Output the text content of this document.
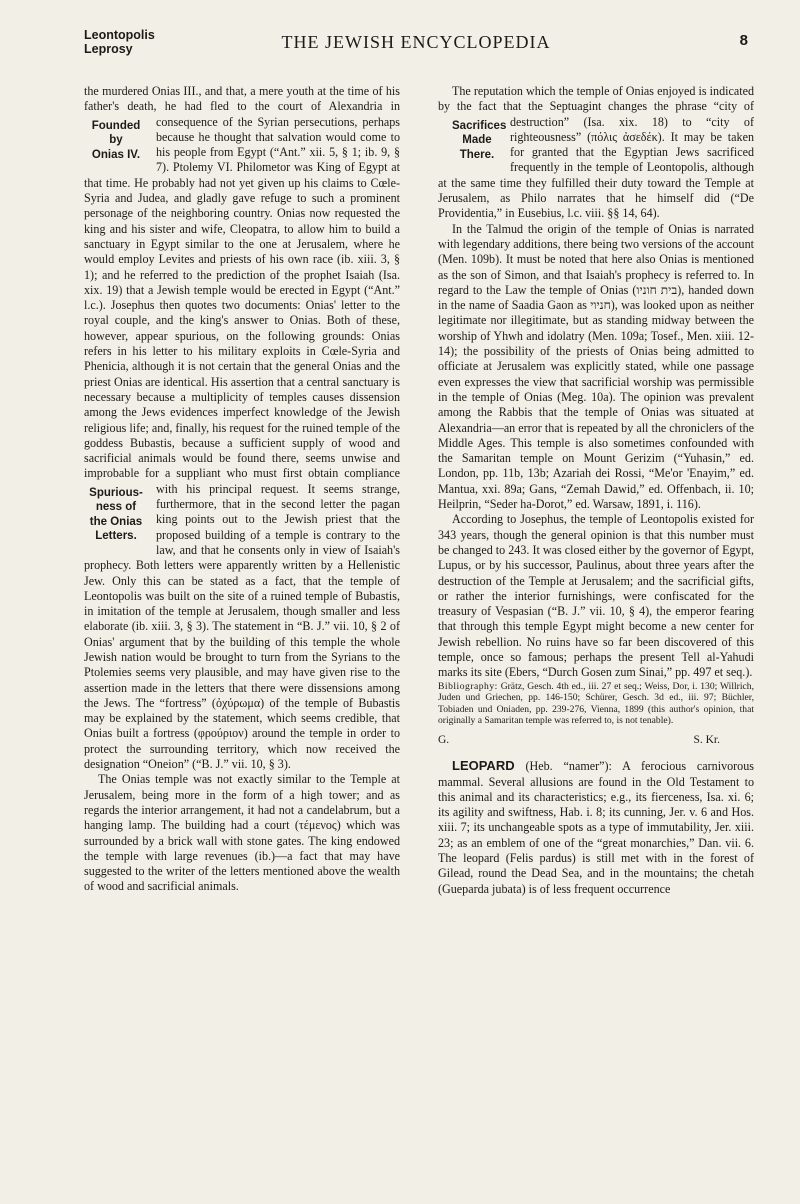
Leontopolis
Leprosy	THE JEWISH ENCYCLOPEDIA	8

the murdered Onias III., and that, a mere youth at the time of his father's death, he had fled to the court of Alexandria in consequence
Founded
by
Onias IV.
of the Syrian persecutions, perhaps because he thought that salvation would come to his people from Egypt (“Ant.” xii. 5, § 1; ib. 9, § 7). Ptolemy VI. Philometor was King of Egypt at that time. He probably had not yet given up his claims to Cœle-Syria and Judea, and gladly gave refuge to such a prominent personage of the neighboring country. Onias now requested the king and his sister and wife, Cleopatra, to allow him to build a sanctuary in Egypt similar to the one at Jerusalem, where he would employ Levites and priests of his own race (ib. xiii. 3, § 1); and he referred to the prediction of the prophet Isaiah (Isa. xix. 19) that a Jewish temple would be erected in Egypt (“Ant.” l.c.). Josephus then quotes two documents: Onias' letter to the royal couple, and the king's answer to Onias. Both of these, however, appear spurious, on the following grounds: Onias refers in his letter to his military exploits in Cœle-Syria and Phenicia, although it is not certain that the general Onias and the priest Onias are identical. His assertion that a central sanctuary is necessary because a multiplicity of temples causes dissension among the Jews evidences imperfect knowledge of the Jewish religious life; and, finally, his request for the ruined temple of the goddess Bubastis, because a sufficient supply of wood and sacrificial animals would be found there, seems unwise and improbable for a suppliant who must first obtain compliance with his principal request.
Spurious-
ness of
the Onias
Letters.
It seems strange, furthermore, that in the second letter the pagan king points out to the Jewish priest that the proposed building of a temple is contrary to the law, and that he consents only in view of Isaiah's prophecy. Both letters were apparently written by a Hellenistic Jew. Only this can be stated as a fact, that the temple of Leontopolis was built on the site of a ruined temple of Bubastis, in imitation of the temple at Jerusalem, though smaller and less elaborate (ib. xiii. 3, § 3). The statement in “B. J.” vii. 10, § 2 of Onias' argument that by the building of this temple the whole Jewish nation would be brought to turn from the Syrians to the Ptolemies seems very plausible, and may have given rise to the assertion made in the letters that there were dissensions among the Jews. The “fortress” (ὀχύρωμα) of the temple of Bubastis may be explained by the statement, which seems credible, that Onias built a fortress (φρούριον) around the temple in order to protect the surrounding territory, which now received the designation “Oneion” (“B. J.” vii. 10, § 3).

The Onias temple was not exactly similar to the Temple at Jerusalem, being more in the form of a high tower; and as regards the interior arrangement, it had not a candelabrum, but a hanging lamp. The building had a court (τέμενος) which was surrounded by a brick wall with stone gates. The king endowed the temple with large revenues (ib.)—a fact that may have suggested to the writer of the letters mentioned above the wealth of wood and sacrificial animals.

The reputation which the temple of Onias enjoyed is indicated by the fact that the Septuagint changes the phrase “city of destruction” (Isa.
Sacrifices
Made
There.
xix. 18) to “city of righteousness” (πόλις ἀσεδέκ). It may be taken for granted that the Egyptian Jews sacrificed frequently in the temple of Leontopolis, although at the same time they fulfilled their duty toward the Temple at Jerusalem, as Philo narrates that he himself did (“De Providentia,” in Eusebius, l.c. viii. §§ 14, 64).

In the Talmud the origin of the temple of Onias is narrated with legendary additions, there being two versions of the account (Men. 109b). It must be noted that here also Onias is mentioned as the son of Simon, and that Isaiah's prophecy is referred to. In regard to the Law the temple of Onias (בית חוניו), handed down in the name of Saadia Gaon as חניוי), was looked upon as neither legitimate nor illegitimate, but as standing midway between the worship of Yhwh and idolatry (Men. 109a; Tosef., Men. xiii. 12-14); the possibility of the priests of Onias being admitted to officiate at Jerusalem was explicitly stated, while one passage even expresses the view that sacrificial worship was permissible in the temple of Onias (Meg. 10a). The opinion was prevalent among the Rabbis that the temple of Onias was situated at Alexandria—an error that is repeated by all the chroniclers of the Middle Ages. This temple is also sometimes confounded with the Samaritan temple on Mount Gerizim (“Yuhasin,” ed. London, pp. 11b, 13b; Azariah dei Rossi, “Me'or 'Enayim,” ed. Mantua, xxi. 89a; Gans, “Zemah Dawid,” ed. Offenbach, ii. 10; Heilprin, “Seder ha-Dorot,” ed. Warsaw, 1891, i. 116).

According to Josephus, the temple of Leontopolis existed for 343 years, though the general opinion is that this number must be changed to 243. It was closed either by the governor of Egypt, Lupus, or by his successor, Paulinus, about three years after the destruction of the Temple at Jerusalem; and the sacrificial gifts, or rather the interior furnishings, were confiscated for the treasury of Vespasian (“B. J.” vii. 10, § 4), the emperor fearing that through this temple Egypt might become a new center for Jewish rebellion. No ruins have so far been discovered of this temple, once so famous; perhaps the present Tell al-Yahudi marks its site (Ebers, “Durch Gosen zum Sinai,” pp. 497 et seq.).

Bibliography: Grätz, Gesch. 4th ed., iii. 27 et seq.; Weiss, Dor, i. 130; Willrich, Juden und Griechen, pp. 146-150; Schürer, Gesch. 3d ed., iii. 97; Büchler, Tobiaden und Oniaden, pp. 239-276, Vienna, 1899 (this author's opinion, that originally a Samaritan temple was referred to, is not tenable).

G.	S. Kr.

LEOPARD (Heb. “namer”): A ferocious carnivorous mammal. Several allusions are found in the Old Testament to this animal and its characteristics; e.g., its fierceness, Isa. xi. 6; its agility and swiftness, Hab. i. 8; its cunning, Jer. v. 6 and Hos. xiii. 7; its unchangeable spots as a type of immutability, Jer. xiii. 23; as an emblem of one of the “great monarchies,” Dan. vii. 6. The leopard (Felis pardus) is still met with in the forest of Gilead, round the Dead Sea, and in the mountains; the chetah (Gueparda jubata) is of less frequent occurrence
